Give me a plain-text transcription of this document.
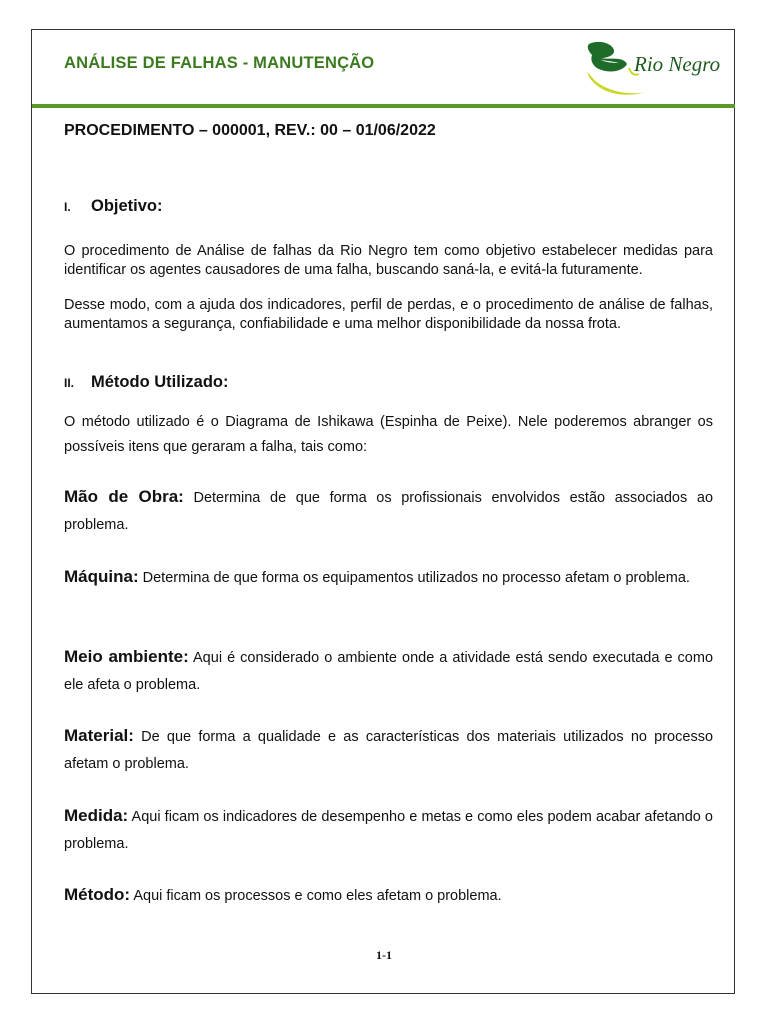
ANÁLISE DE FALHAS - MANUTENÇÃO	Rio Negro
PROCEDIMENTO – 000001, REV.: 00 – 01/06/2022
I. Objetivo:
O procedimento de Análise de falhas da Rio Negro tem como objetivo estabelecer medidas para identificar os agentes causadores de uma falha, buscando saná-la, e evitá-la futuramente.
Desse modo, com a ajuda dos indicadores, perfil de perdas, e o procedimento de análise de falhas, aumentamos a segurança, confiabilidade e uma melhor disponibilidade da nossa frota.
II. Método Utilizado:
O método utilizado é o Diagrama de Ishikawa (Espinha de Peixe). Nele poderemos abranger os possíveis itens que geraram a falha, tais como:
Mão de Obra: Determina de que forma os profissionais envolvidos estão associados ao problema.
Máquina: Determina de que forma os equipamentos utilizados no processo afetam o problema.
Meio ambiente: Aqui é considerado o ambiente onde a atividade está sendo executada e como ele afeta o problema.
Material: De que forma a qualidade e as características dos materiais utilizados no processo afetam o problema.
Medida: Aqui ficam os indicadores de desempenho e metas e como eles podem acabar afetando o problema.
Método: Aqui ficam os processos e como eles afetam o problema.
1-1
